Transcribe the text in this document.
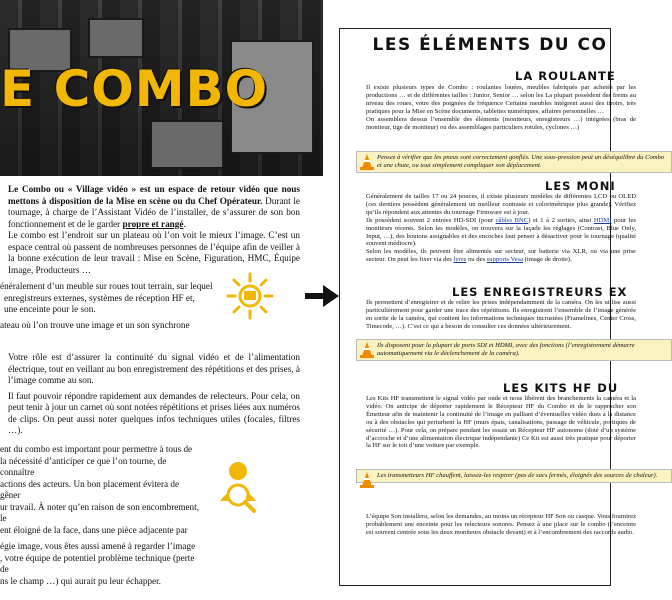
E COMBO

Le Combo ou « Village vidéo » est un espace de retour vidéo que nous mettons à disposition de la Mise en scène ou du Chef Opérateur. Durant le tournage, à charge de l’Assistant Vidéo de l’installer, de s’assurer de son bon fonctionnement et de le garder propre et rangé.

Le combo est l’endroit sur un plateau où l’on voit le mieux l’image. C’est un espace central où passent de nombreuses personnes de l’équipe afin de veiller à la bonne exécution de leur travail : Mise en Scène, Figuration, HMC, Équipe Image, Producteurs …

énéralement d’un meuble sur roues tout terrain, sur lequel

enregistreurs externes, systèmes de réception HF et,

une enceinte pour le son.

ateau où l’on trouve une image et un son synchrone

Votre rôle est d’assurer la continuité du signal vidéo et de l’alimentation électrique, tout en veillant au bon enregistrement des répétitions et des prises, à l’image comme au son.

Il faut pouvoir répondre rapidement aux demandes de relecteurs. Pour cela, on peut tenir à jour un carnet où sont notées répétitions et prises liées aux numéros de clips. On peut aussi noter quelques infos techniques utiles (focales, filtres …).

ent du combo est important pour permettre à tous de

la nécessité d’anticiper ce que l’on tourne, de connaître

actions des acteurs. Un bon placement évitera de gêner

ur travail. À noter qu’en raison de son encombrement, le

ent éloigné de la face, dans une pièce adjacente par

égie image, vous êtes aussi amené à regarder l’image

, votre équipe de potentiel problème technique (perte de

ns le champ …) qui aurait pu leur échapper.

LES ÉLÉMENTS DU CO
LA ROULANTE

Il existe plusieurs types de Combo : roulantes louées, meubles fabriqués par achetés par les productions … et de différentes tailles : Junior, Senior … selon les La plupart possèdent des freins au niveau des roues, votre des poignées de fréquence Certains meubles intègrent aussi des tiroirs, très pratiques pour la Mise en Scène documents, tablettes numériques, affaires personnelles …

On assemblera dessus l’ensemble des éléments (moniteurs, enregistreurs …) intégrées (bras de moniteur, tige de moniteur) ou des assemblages particuliers rotules, cyclones …)

Pensez à vérifier que les pneus sont correctement gonflés. Une sous-pression peut un déséquilibre du Combo et une chute, ou tout simplement compliquer son déplacement.
LES MONI

Généralement de tailles 17 ou 24 pouces, il existe plusieurs modèles de différentes LCD ou OLED (ces derniers possèdent généralement un meilleur contraste et colorimétrique plus grande). Vérifiez qu’ils répondent aux attentes du tournage Firmware est à jour.

Ils possèdent souvent 2 entrées HD-SDI (pour câbles BNC) et 1 à 2 sorties, ainsi HDMI pour les moniteurs récents. Selon les modèles, on trouvera sur la façade les réglages (Contrast, Blue Only, Input, …), des boutons assignables et des encoches faut penser à désactiver pour le tournage (qualité souvent médiocre).

Selon les modèles, ils peuvent être alimentés sur secteur, sur batterie via XLR, ou via une prise secteur. On peut les fixer via des lyres ou des supports Vesa (image de droite).

LES ENREGISTREURS EX

Ils permettent d’enregistrer et de relire les prises indépendamment de la caméra. On les utilise aussi particulièrement pour garder une trace des répétitions. Ils enregistrent l’ensemble de l’image générée en sortie de la caméra, qui contient les informations techniques incrustées (Framelines, Center Cross, Timecode, …). C’est ce qui a besoin de consulter ces données ultérieurement.

Ils disposent pour la plupart de ports SDI et HDMI, avec des fonctions (l’enregistrement démarre automatiquement via le déclenchement de la caméra).
LES KITS HF DU

Les Kits HF transmettent le signal vidéo par onde et nous libèrent des branchements la caméra et la vidéo. On anticipe de déporter rapidement le Récepteur HF du Combo et de le rapprocher son Émetteur afin de maintenir la continuité de l’image en palliant d’éventuelles vidéo dues à la distance ou à des obstacles qui perturbent la HF (murs épais, canalisations, passage de véhicule, portiques de sécurité …). Pour cela, on prépare pendant les essais un Récepteur HF autonome (doté d’un système d’accroche et d’une alimentation électrique indépendante) Ce Kit est aussi très pratique pour déporter la HF sur le toit d’une voiture par exemple.

Les transmetteurs HF chauffent, laissez-les respirer (pas de sacs fermés, éloignés des sources de chaleur).

L’équipe Son installera, selon les demandes, au moins un récepteur HF Son ou casque. Vous fournirez probablement une enceinte pour les relecteurs sonores. Pensez à une place sur le combo (l’enceinte est souvent centrée sous les deux moniteurs obstacle devant) et à l’encombrement des raccords audio.
